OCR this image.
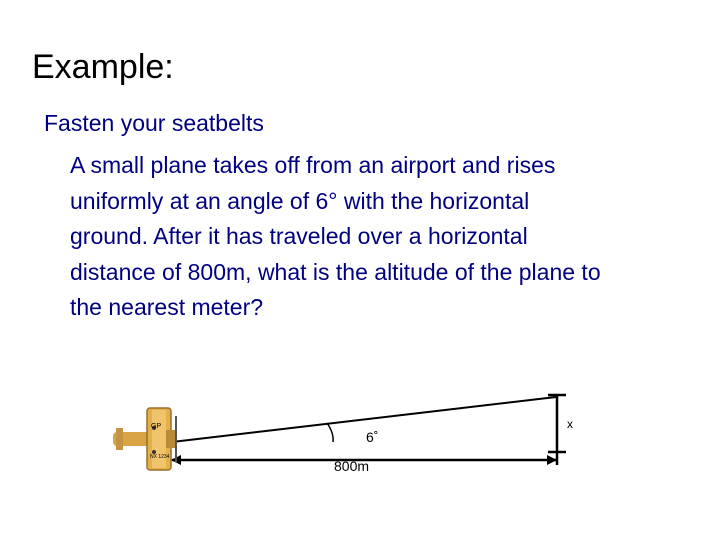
Example:
Fasten your seatbelts
A small plane takes off from an airport and rises
uniformly at an angle of 6° with the horizontal
ground. After it has traveled over a horizontal
distance of 800m, what is the altitude of the plane to
the nearest meter?
6˚
800m
x
GP
NX 1234
